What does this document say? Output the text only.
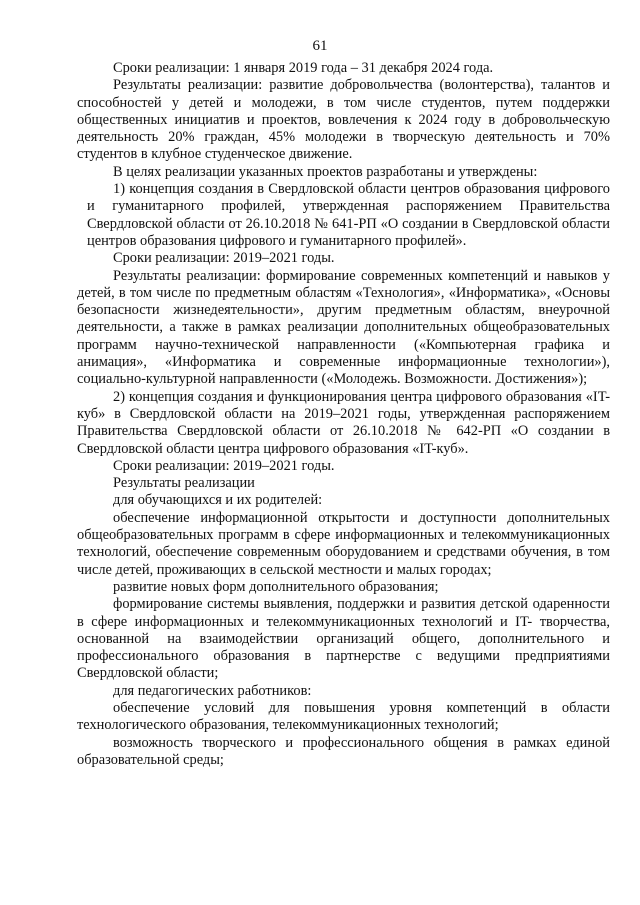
61

Сроки реализации: 1 января 2019 года – 31 декабря 2024 года.

Результаты реализации: развитие добровольчества (волонтерства), талантов и способностей у детей и молодежи, в том числе студентов, путем поддержки общественных инициатив и проектов, вовлечения к 2024 году в добровольческую деятельность 20% граждан, 45% молодежи в творческую деятельность и 70% студентов в клубное студенческое движение.

В целях реализации указанных проектов разработаны и утверждены:

1) концепция создания в Свердловской области центров образования цифрового и гуманитарного профилей, утвержденная распоряжением Правительства Свердловской области от 26.10.2018 № 641-РП «О создании в Свердловской области центров образования цифрового и гуманитарного профилей».

Сроки реализации: 2019–2021 годы.

Результаты реализации: формирование современных компетенций и навыков у детей, в том числе по предметным областям «Технология», «Информатика», «Основы безопасности жизнедеятельности», другим предметным областям, внеурочной деятельности, а также в рамках реализации дополнительных общеобразовательных программ научно-технической направленности («Компьютерная графика и анимация», «Информатика и современные информационные технологии»), социально-культурной направленности («Молодежь. Возможности. Достижения»);

2) концепция создания и функционирования центра цифрового образования «IT-куб» в Свердловской области на 2019–2021 годы, утвержденная распоряжением Правительства Свердловской области от 26.10.2018 № 642-РП «О создании в Свердловской области центра цифрового образования «IT-куб».

Сроки реализации: 2019–2021 годы.

Результаты реализации

для обучающихся и их родителей:

обеспечение информационной открытости и доступности дополнительных общеобразовательных программ в сфере информационных и телекоммуникационных технологий, обеспечение современным оборудованием и средствами обучения, в том числе детей, проживающих в сельской местности и малых городах;

развитие новых форм дополнительного образования;

формирование системы выявления, поддержки и развития детской одаренности в сфере информационных и телекоммуникационных технологий и IT- творчества, основанной на взаимодействии организаций общего, дополнительного и профессионального образования в партнерстве с ведущими предприятиями Свердловской области;

для педагогических работников:

обеспечение условий для повышения уровня компетенций в области технологического образования, телекоммуникационных технологий;

возможность творческого и профессионального общения в рамках единой образовательной среды;
